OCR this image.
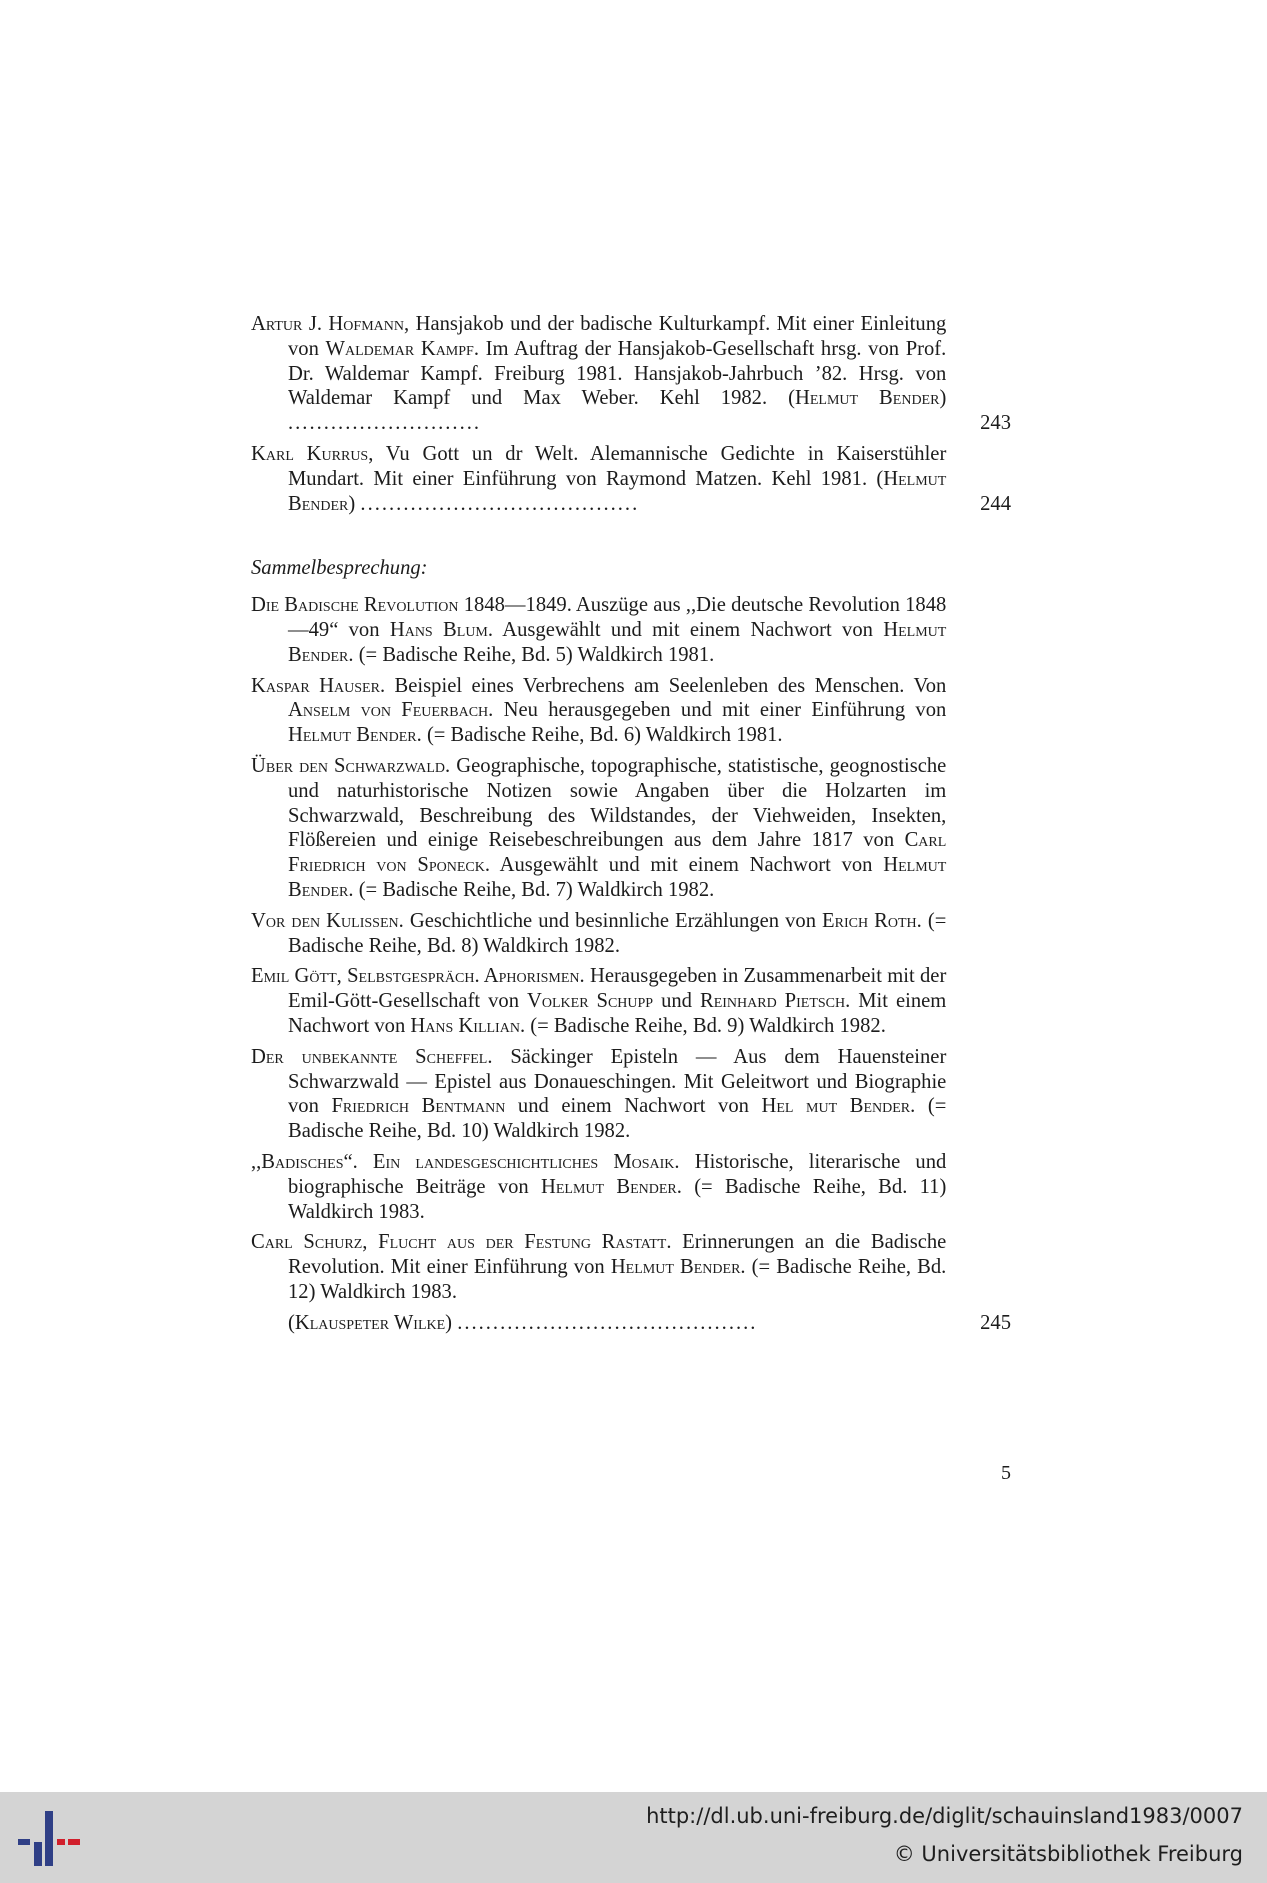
Artur J. Hofmann, Hansjakob und der badische Kulturkampf. Mit einer Einleitung von Waldemar Kampf. Im Auftrag der Hansjakob-Gesellschaft hrsg. von Prof. Dr. Waldemar Kampf. Freiburg 1981. Hansjakob-Jahrbuch ’82. Hrsg. von Waldemar Kampf und Max Weber. Kehl 1982. (Helmut Bender) ...........................	243
Karl Kurrus, Vu Gott un dr Welt. Alemannische Gedichte in Kaiserstühler Mundart. Mit einer Einführung von Raymond Matzen. Kehl 1981. (Helmut Bender) .......................................	244
Sammelbesprechung:
Die Badische Revolution 1848—1849. Auszüge aus ,,Die deutsche Revolution 1848—49“ von Hans Blum. Ausgewählt und mit einem Nachwort von Helmut Bender. (= Badische Reihe, Bd. 5) Waldkirch 1981.
Kaspar Hauser. Beispiel eines Verbrechens am Seelenleben des Menschen. Von Anselm von Feuerbach. Neu herausgegeben und mit einer Einführung von Helmut Bender. (= Badische Reihe, Bd. 6) Waldkirch 1981.
Über den Schwarzwald. Geographische, topographische, statistische, geognostische und naturhistorische Notizen sowie Angaben über die Holzarten im Schwarzwald, Beschreibung des Wildstandes, der Viehweiden, Insekten, Flößereien und einige Reisebeschreibungen aus dem Jahre 1817 von Carl Friedrich von Sponeck. Ausgewählt und mit einem Nachwort von Helmut Bender. (= Badische Reihe, Bd. 7) Waldkirch 1982.
Vor den Kulissen. Geschichtliche und besinnliche Erzählungen von Erich Roth. (= Badische Reihe, Bd. 8) Waldkirch 1982.
Emil Gött, Selbstgespräch. Aphorismen. Herausgegeben in Zusammenarbeit mit der Emil-Gött-Gesellschaft von Volker Schupp und Reinhard Pietsch. Mit einem Nachwort von Hans Killian. (= Badische Reihe, Bd. 9) Waldkirch 1982.
Der unbekannte Scheffel. Säckinger Episteln — Aus dem Hauensteiner Schwarzwald — Epistel aus Donaueschingen. Mit Geleitwort und Biographie von Friedrich Bentmann und einem Nachwort von Hel mut Bender. (= Badische Reihe, Bd. 10) Waldkirch 1982.
,,Badisches“. Ein landesgeschichtliches Mosaik. Historische, literarische und biographische Beiträge von Helmut Bender. (= Badische Reihe, Bd. 11) Waldkirch 1983.
Carl Schurz, Flucht aus der Festung Rastatt. Erinnerungen an die Badische Revolution. Mit einer Einführung von Helmut Bender. (= Badische Reihe, Bd. 12) Waldkirch 1983.
(Klauspeter Wilke) ..........................................	245
5
http://dl.ub.uni-freiburg.de/diglit/schauinsland1983/0007
© Universitätsbibliothek Freiburg
